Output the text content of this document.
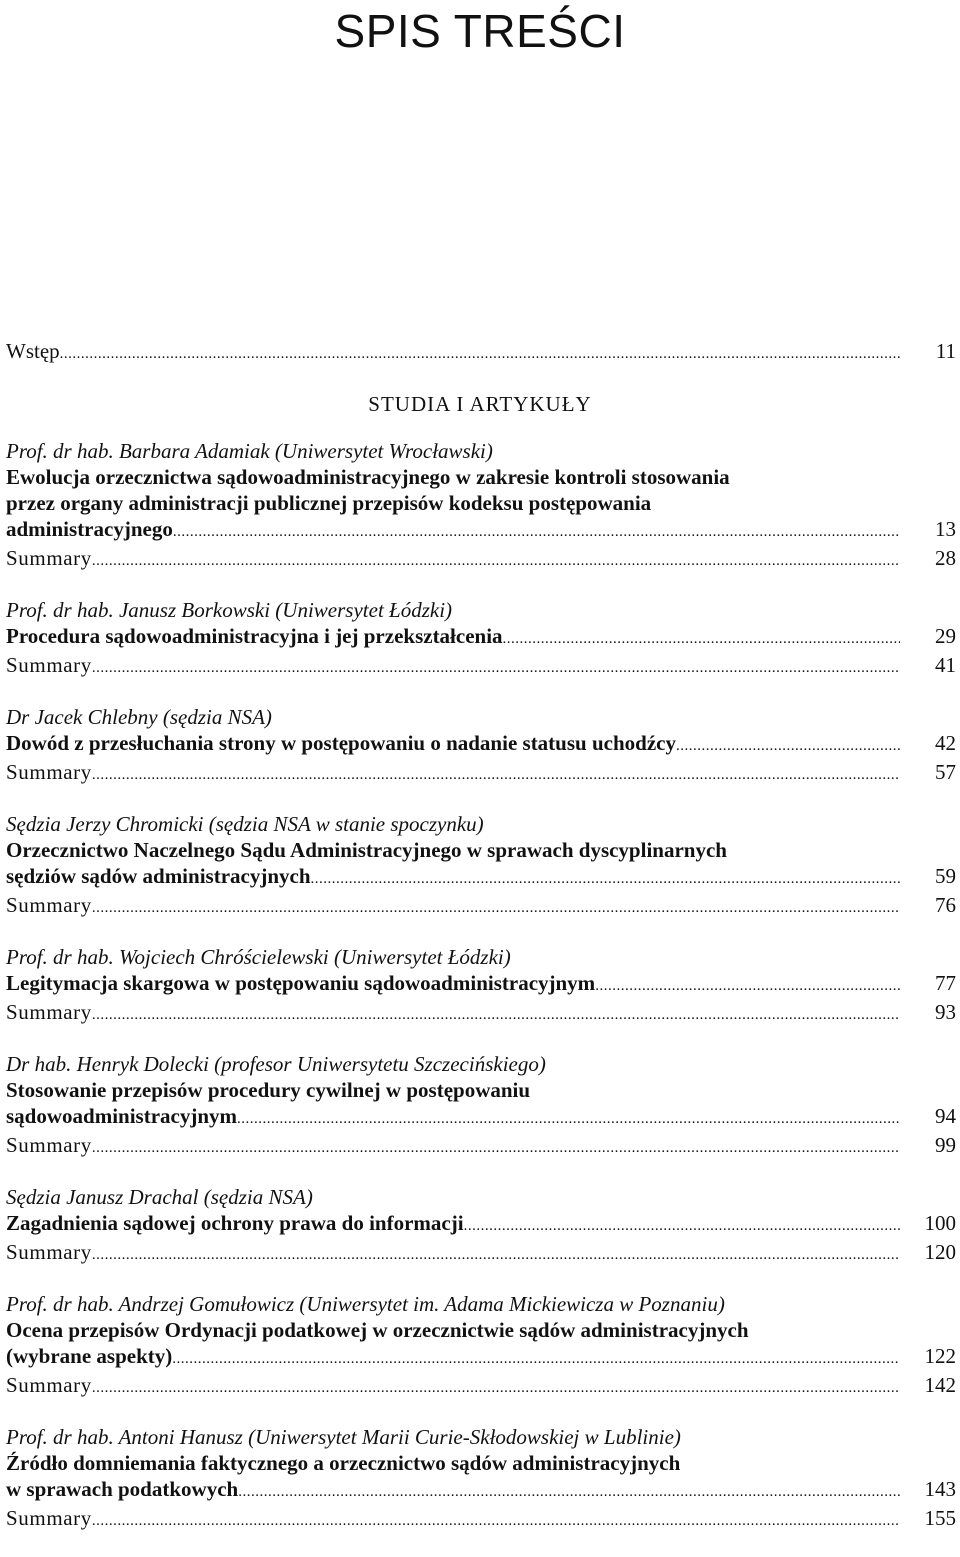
SPIS TREŚCI
Wstęp .....	11
STUDIA I ARTYKUŁY
Prof. dr hab. Barbara Adamiak (Uniwersytet Wrocławski)
Ewolucja orzecznictwa sądowoadministracyjnego w zakresie kontroli stosowania
przez organy administracji publicznej przepisów kodeksu postępowania
administracyjnego .....	13
Summary .....	28
Prof. dr hab. Janusz Borkowski (Uniwersytet Łódzki)
Procedura sądowoadministracyjna i jej przekształcenia .....	29
Summary .....	41
Dr Jacek Chlebny (sędzia NSA)
Dowód z przesłuchania strony w postępowaniu o nadanie statusu uchodźcy .....	42
Summary .....	57
Sędzia Jerzy Chromicki (sędzia NSA w stanie spoczynku)
Orzecznictwo Naczelnego Sądu Administracyjnego w sprawach dyscyplinarnych
sędziów sądów administracyjnych .....	59
Summary .....	76
Prof. dr hab. Wojciech Chróścielewski (Uniwersytet Łódzki)
Legitymacja skargowa w postępowaniu sądowoadministracyjnym .....	77
Summary .....	93
Dr hab. Henryk Dolecki (profesor Uniwersytetu Szczecińskiego)
Stosowanie przepisów procedury cywilnej w postępowaniu
sądowoadministracyjnym .....	94
Summary .....	99
Sędzia Janusz Drachal (sędzia NSA)
Zagadnienia sądowej ochrony prawa do informacji .....	100
Summary .....	120
Prof. dr hab. Andrzej Gomułowicz (Uniwersytet im. Adama Mickiewicza w Poznaniu)
Ocena przepisów Ordynacji podatkowej w orzecznictwie sądów administracyjnych
(wybrane aspekty) .....	122
Summary .....	142
Prof. dr hab. Antoni Hanusz (Uniwersytet Marii Curie-Skłodowskiej w Lublinie)
Źródło domniemania faktycznego a orzecznictwo sądów administracyjnych
w sprawach podatkowych .....	143
Summary .....	155
